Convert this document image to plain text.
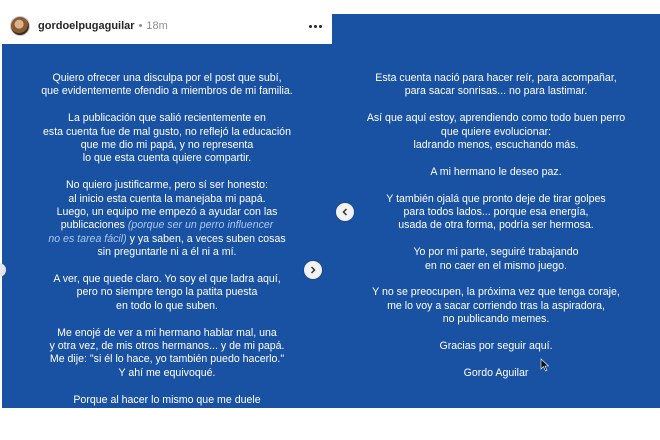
gordoelpugaguilar • 18m
Quiero ofrecer una disculpa por el post que subí,
que evidentemente ofendio a miembros de mi familia.
La publicación que salió recientemente en
esta cuenta fue de mal gusto, no reflejó la educación
que me dio mi papá, y no representa
lo que esta cuenta quiere compartir.
No quiero justificarme, pero sí ser honesto:
al inicio esta cuenta la manejaba mi papá.
Luego, un equipo me empezó a ayudar con las
publicaciones (porque ser un perro influencer
no es tarea fácil) y ya saben, a veces suben cosas
sin preguntarle ni a él ni a mí.
A ver, que quede claro. Yo soy el que ladra aquí,
pero no siempre tengo la patita puesta
en todo lo que suben.
Me enojé de ver a mi hermano hablar mal, una
y otra vez, de mis otros hermanos... y de mi papá.
Me dije: "si él lo hace, yo también puedo hacerlo."
Y ahí me equivoqué.
Porque al hacer lo mismo que me duele
Esta cuenta nació para hacer reír, para acompañar,
para sacar sonrisas... no para lastimar.
Así que aquí estoy, aprendiendo como todo buen perro
que quiere evolucionar:
ladrando menos, escuchando más.
A mi hermano le deseo paz.
Y también ojalá que pronto deje de tirar golpes
para todos lados... porque esa energía,
usada de otra forma, podría ser hermosa.
Yo por mi parte, seguiré trabajando
en no caer en el mismo juego.
Y no se preocupen, la próxima vez que tenga coraje,
me lo voy a sacar corriendo tras la aspiradora,
no publicando memes.
Gracias por seguir aquí.
Gordo Aguilar
